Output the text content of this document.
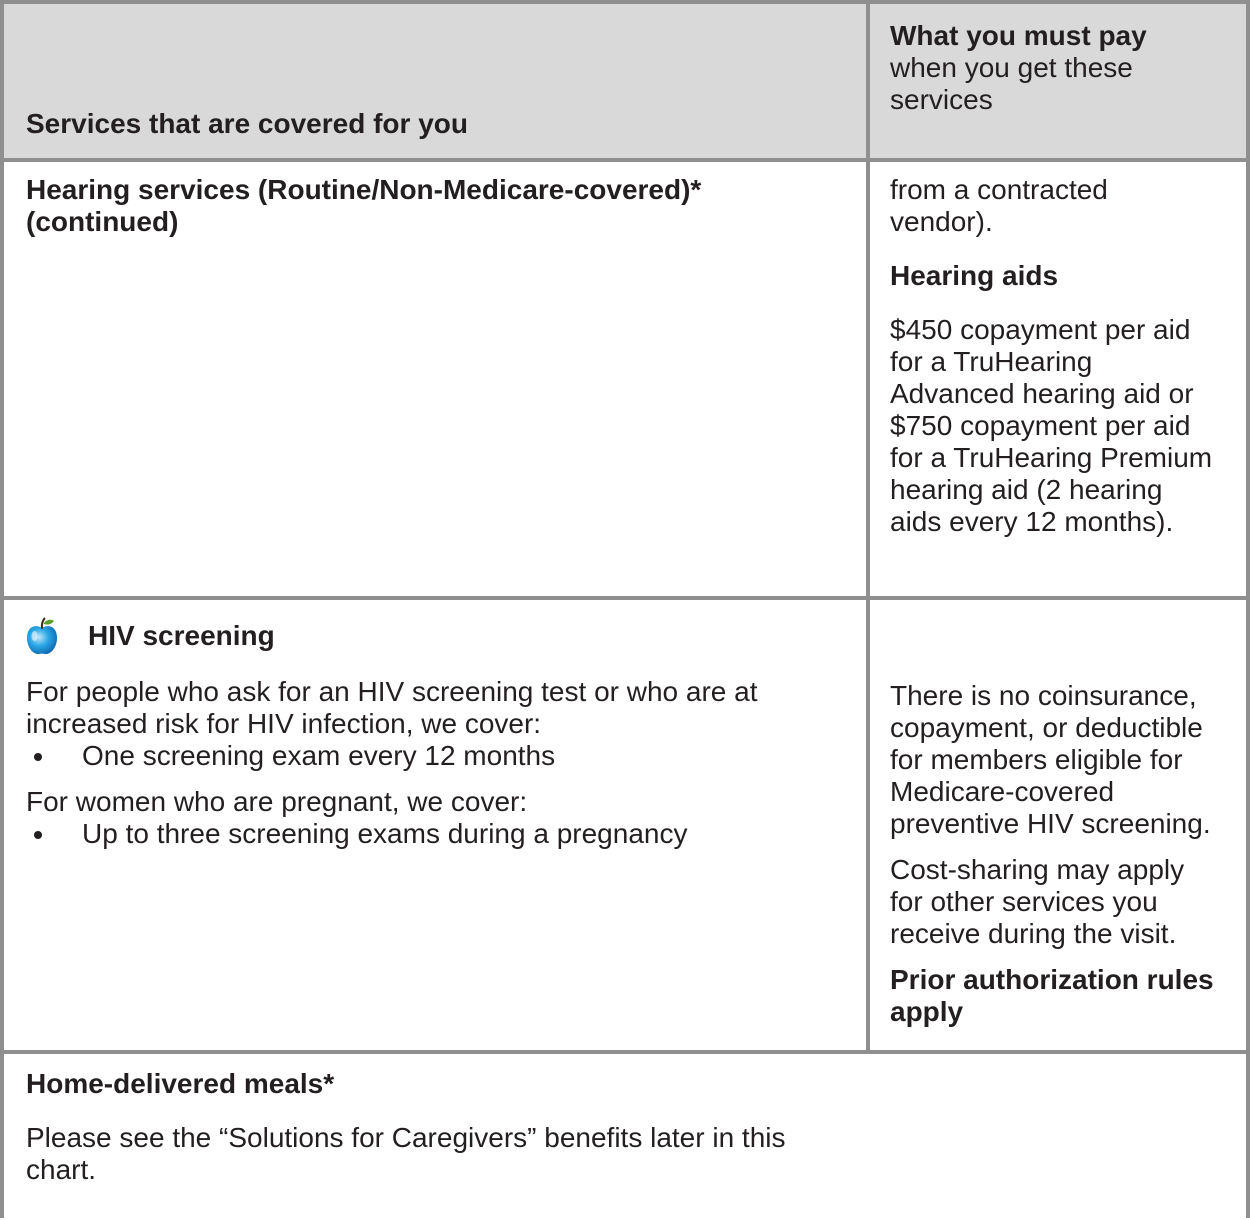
Services that are covered for you
What you must pay
when you get these
services
Hearing services (Routine/Non-Medicare-covered)*
(continued)
from a contracted
vendor).
Hearing aids
$450 copayment per aid
for a TruHearing
Advanced hearing aid or
$750 copayment per aid
for a TruHearing Premium
hearing aid (2 hearing
aids every 12 months).
HIV screening
For people who ask for an HIV screening test or who are at
increased risk for HIV infection, we cover:
One screening exam every 12 months
For women who are pregnant, we cover:
Up to three screening exams during a pregnancy
There is no coinsurance,
copayment, or deductible
for members eligible for
Medicare-covered
preventive HIV screening.
Cost-sharing may apply
for other services you
receive during the visit.
Prior authorization rules
apply
Home-delivered meals*
Please see the “Solutions for Caregivers” benefits later in this
chart.
